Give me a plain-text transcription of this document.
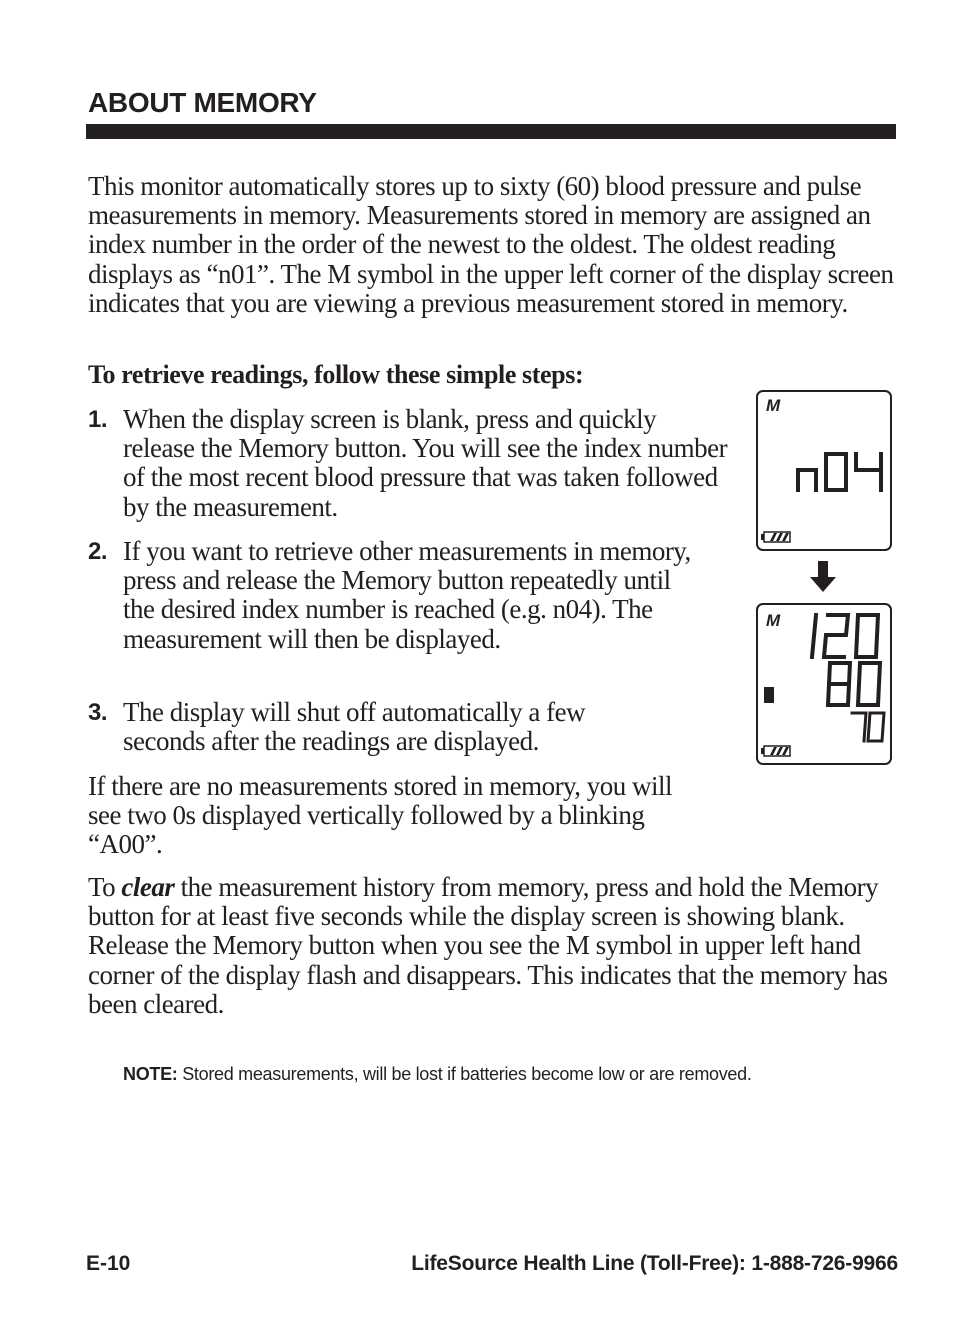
ABOUT MEMORY

This monitor automatically stores up to sixty (60) blood pressure and pulse measurements in memory. Measurements stored in memory are assigned an index number in the order of the newest to the oldest. The oldest reading displays as “n01”. The M symbol in the upper left corner of the display screen indicates that you are viewing a previous measurement stored in memory.

To retrieve readings, follow these simple steps:

1. When the display screen is blank, press and quickly release the Memory button. You will see the index number of the most recent blood pressure that was taken followed by the measurement.
2. If you want to retrieve other measurements in memory, press and release the Memory button repeatedly until the desired index number is reached (e.g. n04). The measurement will then be displayed.
3. The display will shut off automatically a few seconds after the readings are displayed.

If there are no measurements stored in memory, you will see two 0s displayed vertically followed by a blinking “A00”.

To clear the measurement history from memory, press and hold the Memory button for at least five seconds while the display screen is showing blank. Release the Memory button when you see the M symbol in upper left hand corner of the display flash and disappears. This indicates that the memory has been cleared.

NOTE: Stored measurements, will be lost if batteries become low or are removed.

E-10	LifeSource Health Line (Toll-Free): 1-888-726-9966
M
M
